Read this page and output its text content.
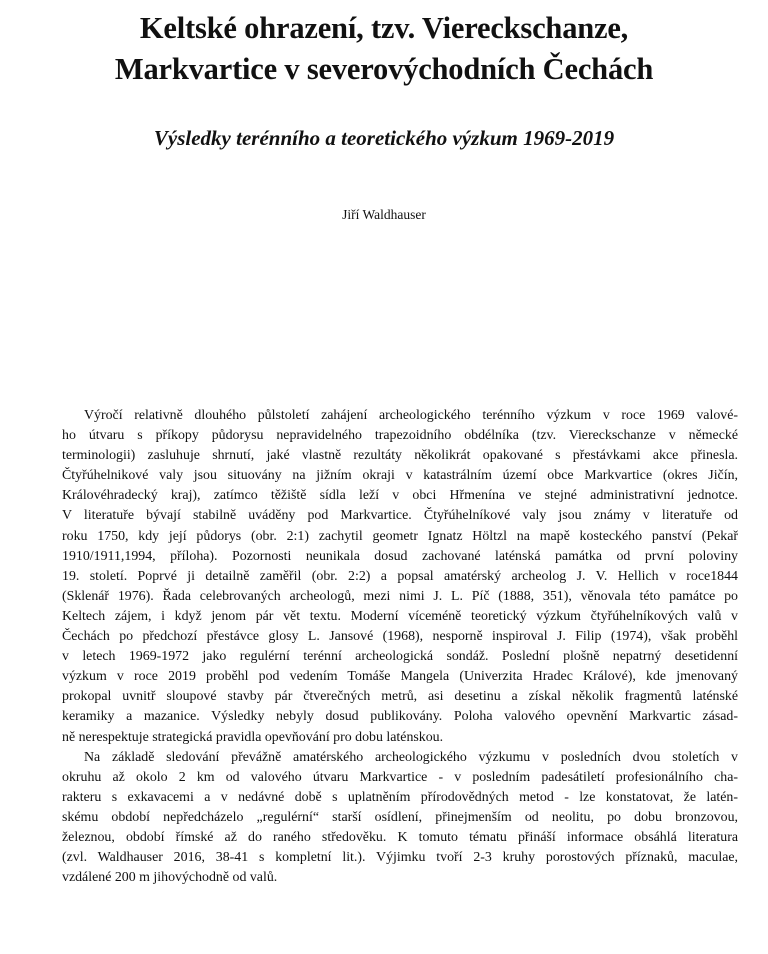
Keltské ohrazení, tzv. Viereckschanze,
Markvartice v severovýchodních Čechách
Výsledky terénního a teoretického výzkum 1969-2019
Jiří Waldhauser
Výročí relativně dlouhého půlstoletí zahájení archeologického terénního výzkum v roce 1969 valové-
ho útvaru s příkopy půdorysu nepravidelného trapezoidního obdélníka (tzv. Viereckschanze v německé
terminologii) zasluhuje shrnutí, jaké vlastně rezultáty několikrát opakované s přestávkami akce přinesla.
Čtyřúhelnikové valy jsou situovány na jižním okraji v katastrálním území obce Markvartice (okres Jičín,
Královéhradecký kraj), zatímco těžiště sídla leží v obci Hřmenína ve stejné administrativní jednotce.
V literatuře bývají stabilně uváděny pod Markvartice. Čtyřúhelníkové valy jsou známy v literatuře od
roku 1750, kdy její půdorys (obr. 2:1) zachytil geometr Ignatz Höltzl na mapě kosteckého panství (Pekař
1910/1911,1994, příloha). Pozornosti neunikala dosud zachované laténská památka od první poloviny
19. století. Poprvé ji detailně zaměřil (obr. 2:2) a popsal amatérský archeolog J. V. Hellich v roce1844
(Sklenář 1976). Řada celebrovaných archeologů, mezi nimi J. L. Píč (1888, 351), věnovala této památce po
Keltech zájem, i když jenom pár vět textu. Moderní víceméně teoretický výzkum čtyřúhelníkových valů v
Čechách po předchozí přestávce glosy L. Jansové (1968), nesporně inspiroval J. Filip (1974), však proběhl
v letech 1969-1972 jako regulérní terénní archeologická sondáž. Poslední plošně nepatrný desetidenní
výzkum v roce 2019 proběhl pod vedením Tomáše Mangela (Univerzita Hradec Králové), kde jmenovaný
prokopal uvnitř sloupové stavby pár čtverečných metrů, asi desetinu a získal několik fragmentů laténské
keramiky a mazanice. Výsledky nebyly dosud publikovány. Poloha valového opevnění Markvartic zásad-
ně nerespektuje strategická pravidla opevňování pro dobu laténskou.
Na základě sledování převážně amatérského archeologického výzkumu v posledních dvou stoletích v
okruhu až okolo 2 km od valového útvaru Markvartice - v posledním padesátiletí profesionálního cha-
rakteru s exkavacemi a v nedávné době s uplatněním přírodovědných metod - lze konstatovat, že latén-
skému období nepředcházelo „regulérní“ starší osídlení, přinejmenším od neolitu, po dobu bronzovou,
železnou, období římské až do raného středověku. K tomuto tématu přináší informace obsáhlá literatura
(zvl. Waldhauser 2016, 38-41 s kompletní lit.). Výjimku tvoří 2-3 kruhy porostových příznaků, maculae,
vzdálené 200 m jihovýchodně od valů.
